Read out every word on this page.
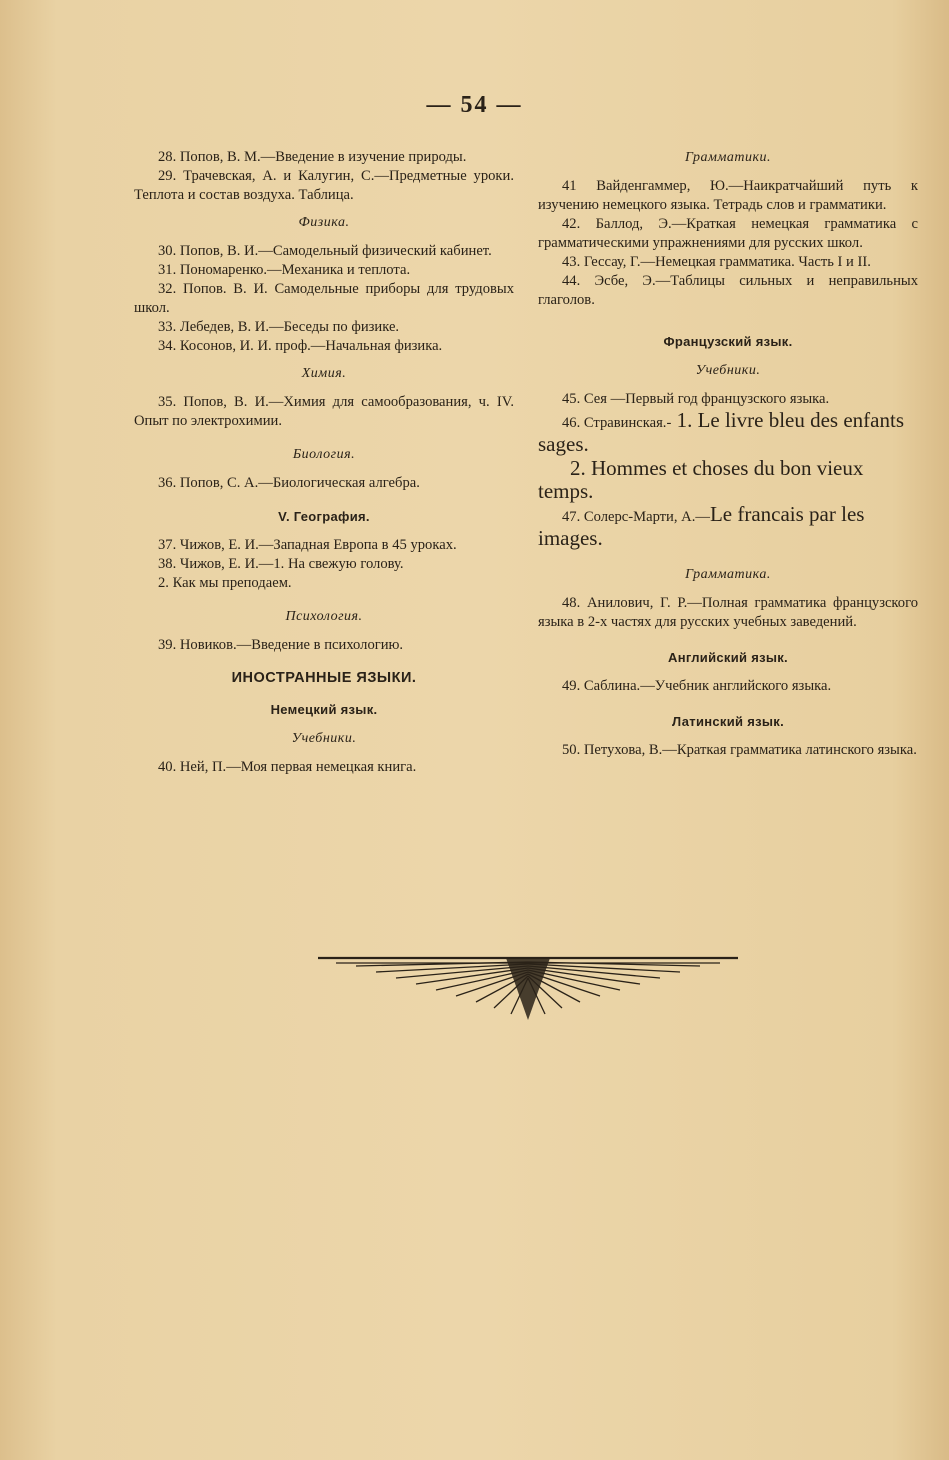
— 54 —

28. Попов, В. М.—Введение в изучение природы.

29. Трачевская, А. и Калугин, С.—Предметные уроки. Теплота и состав воздуха. Таблица.

Физика.

30. Попов, В. И.—Самодельный физический кабинет.

31. Пономаренко.—Механика и теплота.

32. Попов. В. И. Самодельные приборы для трудовых школ.

33. Лебедев, В. И.—Беседы по физике.

34. Косонов, И. И. проф.—Начальная физика.

Химия.

35. Попов, В. И.—Химия для самообразования, ч. IV. Опыт по электрохимии.

Биология.

36. Попов, С. А.—Биологическая алгебра.

V. География.

37. Чижов, Е. И.—Западная Европа в 45 уроках.

38. Чижов, Е. И.—1. На свежую голову.

2. Как мы преподаем.

Психология.

39. Новиков.—Введение в психологию.

ИНОСТРАННЫЕ ЯЗЫКИ.
Немецкий язык.
Учебники.

40. Ней, П.—Моя первая немецкая книга.

Грамматики.

41 Вайденгаммер, Ю.—Наикратчайший путь к изучению немецкого языка. Тетрадь слов и грамматики.

42. Баллод, Э.—Краткая немецкая грамматика с грамматическими упражнениями для русских школ.

43. Гессау, Г.—Немецкая грамматика. Часть I и II.

44. Эсбе, Э.—Таблицы сильных и неправильных глаголов.

Французский язык.
Учебники.

45. Сея —Первый год французского языка.

46. Стравинская.- 1. Le livre bleu des enfants sages.

2. Hommes et choses du bon vieux temps.

47. Солерс-Марти, А.—Le francais par les images.

Грамматика.

48. Анилович, Г. Р.—Полная грамматика французского языка в 2-х частях для русских учебных заведений.

Английский язык.

49. Саблина.—Учебник английского языка.

Латинский язык.

50. Петухова, В.—Краткая грамматика латинского языка.
